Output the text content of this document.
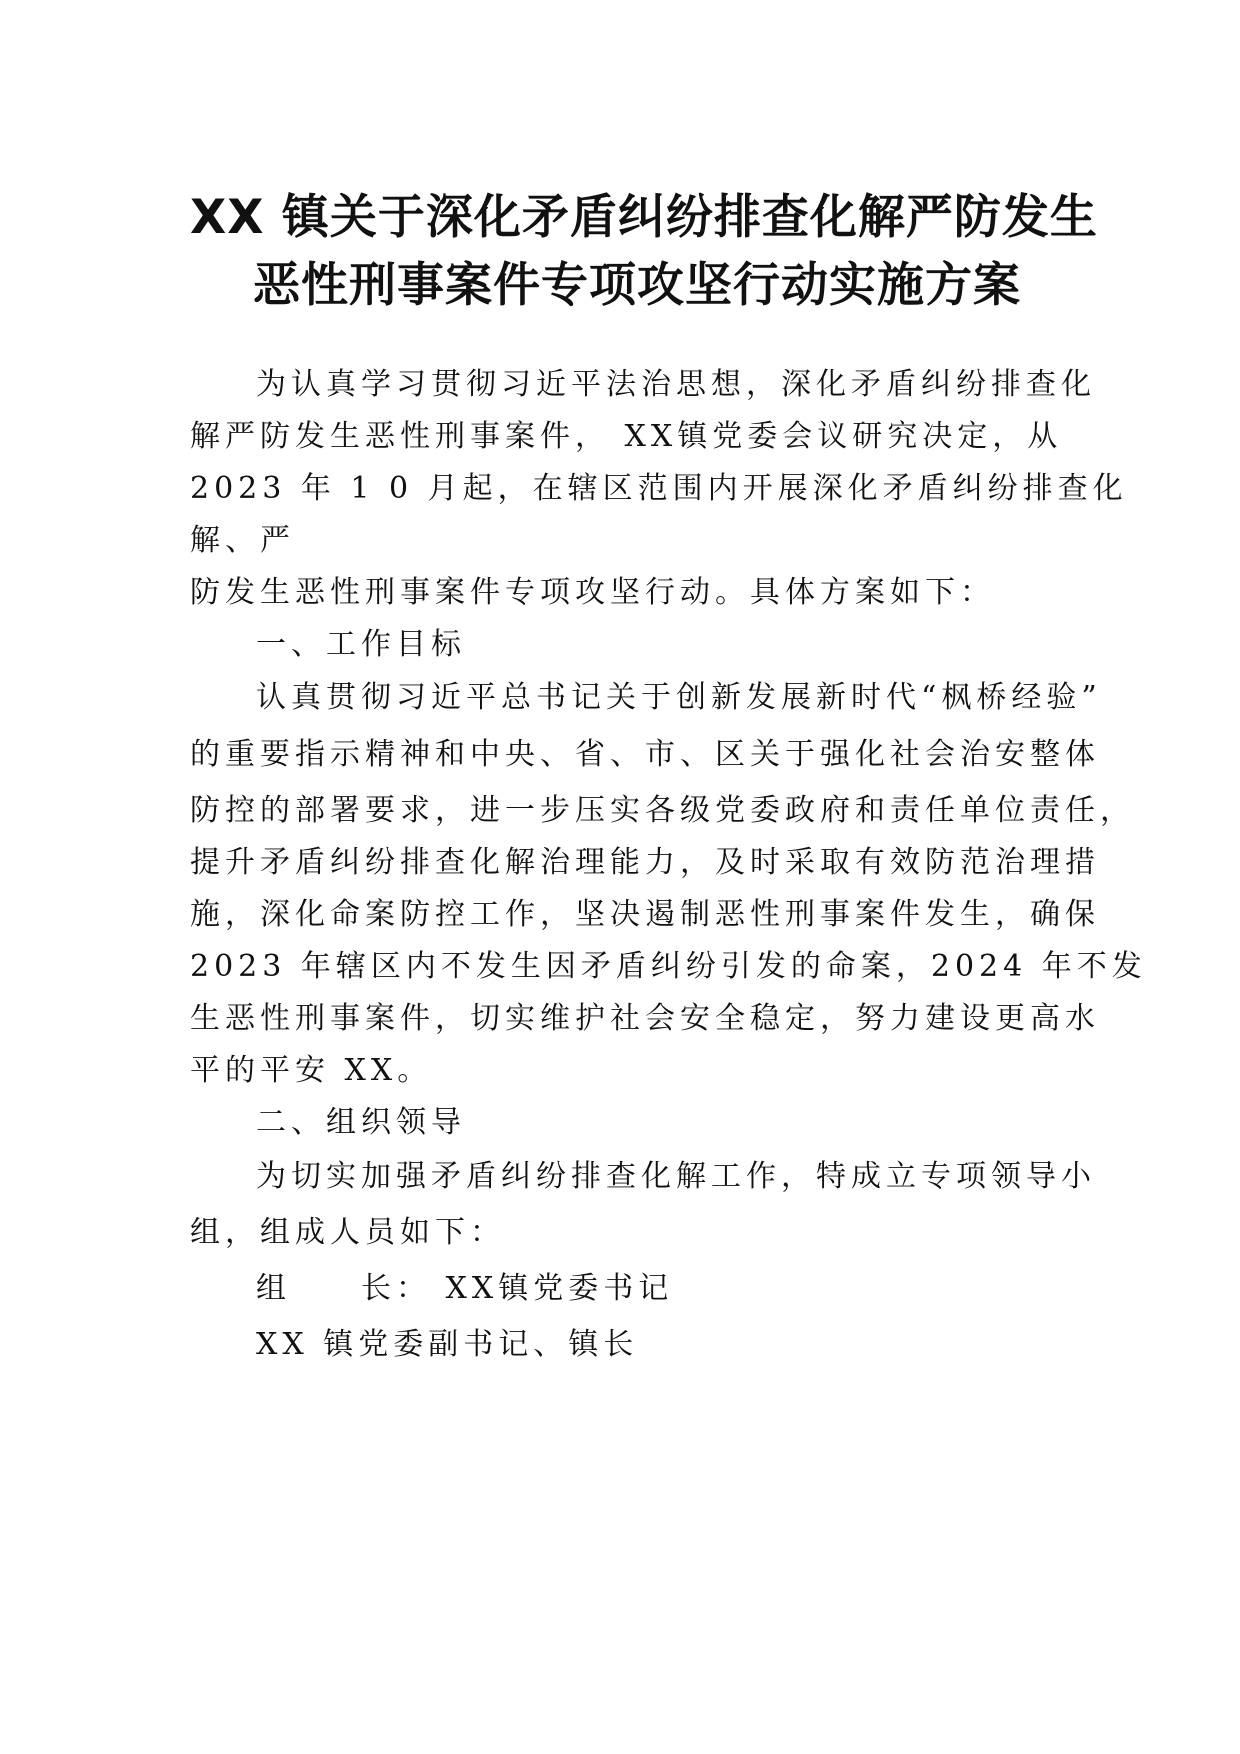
XX 镇关于深化矛盾纠纷排查化解严防发生
恶性刑事案件专项攻坚行动实施方案
为认真学习贯彻习近平法治思想，深化矛盾纠纷排查化
解严防发生恶性刑事案件， XX镇党委会议研究决定，从
2023 年 1 0 月起，在辖区范围内开展深化矛盾纠纷排查化
解、严
防发生恶性刑事案件专项攻坚行动。具体方案如下：
一、工作目标
认真贯彻习近平总书记关于创新发展新时代“枫桥经验”
的重要指示精神和中央、省、市、区关于强化社会治安整体
防控的部署要求，进一步压实各级党委政府和责任单位责任，
提升矛盾纠纷排查化解治理能力，及时采取有效防范治理措
施，深化命案防控工作，坚决遏制恶性刑事案件发生，确保
2023 年辖区内不发生因矛盾纠纷引发的命案，2024 年不发
生恶性刑事案件，切实维护社会安全稳定，努力建设更高水
平的平安 XX。
二、组织领导
为切实加强矛盾纠纷排查化解工作，特成立专项领导小
组，组成人员如下：
组　　长： XX镇党委书记
XX 镇党委副书记、镇长
